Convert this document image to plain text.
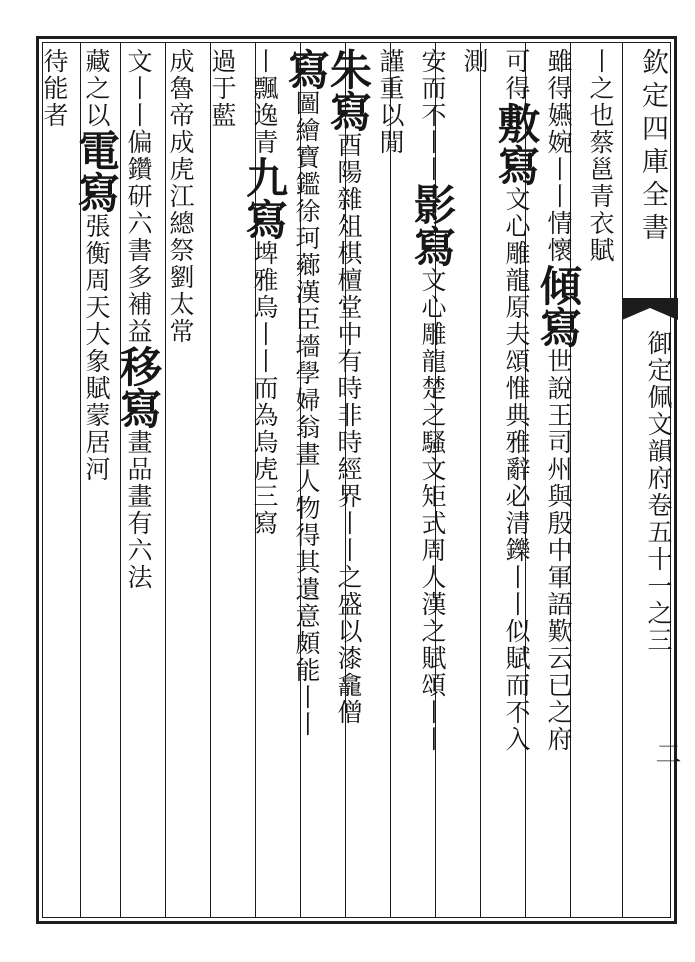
欽定四庫全書
御定佩文韻府卷五十一之三
二
丨之也蔡邕青衣賦
雖得嬿婉丨丨情懷傾寫世說王司州與殷中軍語歎云已之府
可得敷寫文心雕龍原夫頌惟典雅辭必清鑠丨丨似賦而不入
測
安而不丨丨影寫文心雕龍楚之騷文矩式周人漢之賦頌丨丨
謹重以閒
朱寫酉陽雜俎棋檀堂中有時非時經界丨丨之盛以漆龕僧
寫圖繪寶鑑徐珂薌漢臣墻學婦翁畫人物得其遺意頗能丨丨
丨飄逸青九寫埤雅烏丨丨而為烏虎三寫
過于藍
成魯帝成虎江總祭劉太常
文丨丨偏鑽研六書多補益移寫畫品畫有六法
藏之以電寫張衡周天大象賦蒙居河
待能者
